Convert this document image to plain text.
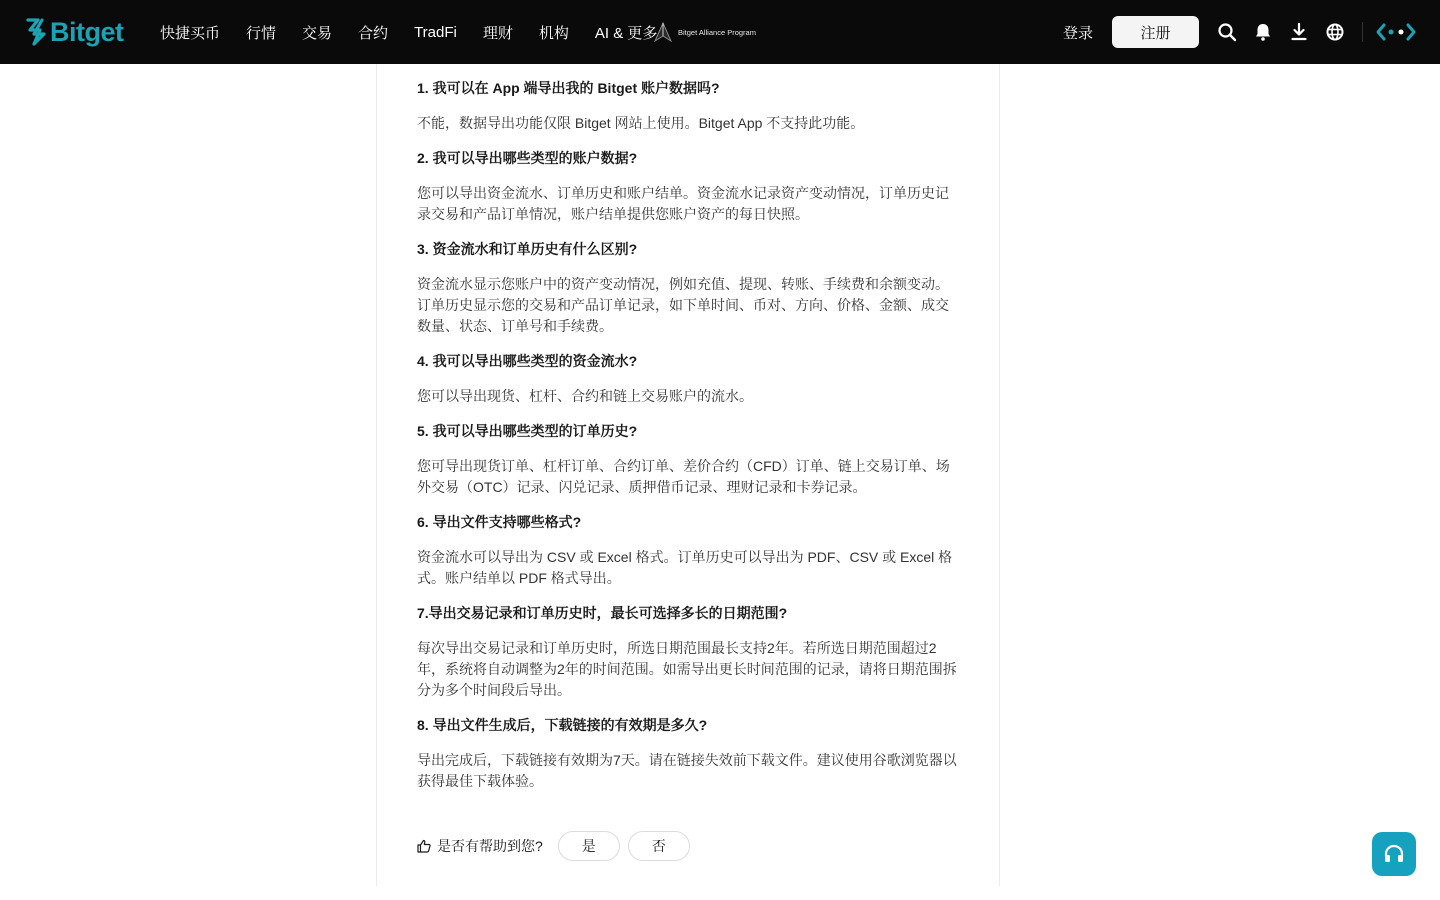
Bitget 快捷买币 行情 交易 合约 TradFi 理财 机构 AI & 更多	Bitget Alliance Program	登录	注册

1. 我可以在 App 端导出我的 Bitget 账户数据吗?

不能，数据导出功能仅限 Bitget 网站上使用。Bitget App 不支持此功能。

2. 我可以导出哪些类型的账户数据?

您可以导出资金流水、订单历史和账户结单。资金流水记录资产变动情况，订单历史记录交易和产品订单情况，账户结单提供您账户资产的每日快照。

3. 资金流水和订单历史有什么区别?

资金流水显示您账户中的资产变动情况，例如充值、提现、转账、手续费和余额变动。订单历史显示您的交易和产品订单记录，如下单时间、币对、方向、价格、金额、成交数量、状态、订单号和手续费。

4. 我可以导出哪些类型的资金流水?

您可以导出现货、杠杆、合约和链上交易账户的流水。

5. 我可以导出哪些类型的订单历史?

您可导出现货订单、杠杆订单、合约订单、差价合约（CFD）订单、链上交易订单、场外交易（OTC）记录、闪兑记录、质押借币记录、理财记录和卡券记录。

6. 导出文件支持哪些格式?

资金流水可以导出为 CSV 或 Excel 格式。订单历史可以导出为 PDF、CSV 或 Excel 格式。账户结单以 PDF 格式导出。

7.导出交易记录和订单历史时，最长可选择多长的日期范围?

每次导出交易记录和订单历史时，所选日期范围最长支持2年。若所选日期范围超过2年，系统将自动调整为2年的时间范围。如需导出更长时间范围的记录，请将日期范围拆分为多个时间段后导出。

8. 导出文件生成后，下载链接的有效期是多久?

导出完成后，下载链接有效期为7天。请在链接失效前下载文件。建议使用谷歌浏览器以获得最佳下载体验。

是否有帮助到您?	是	否
